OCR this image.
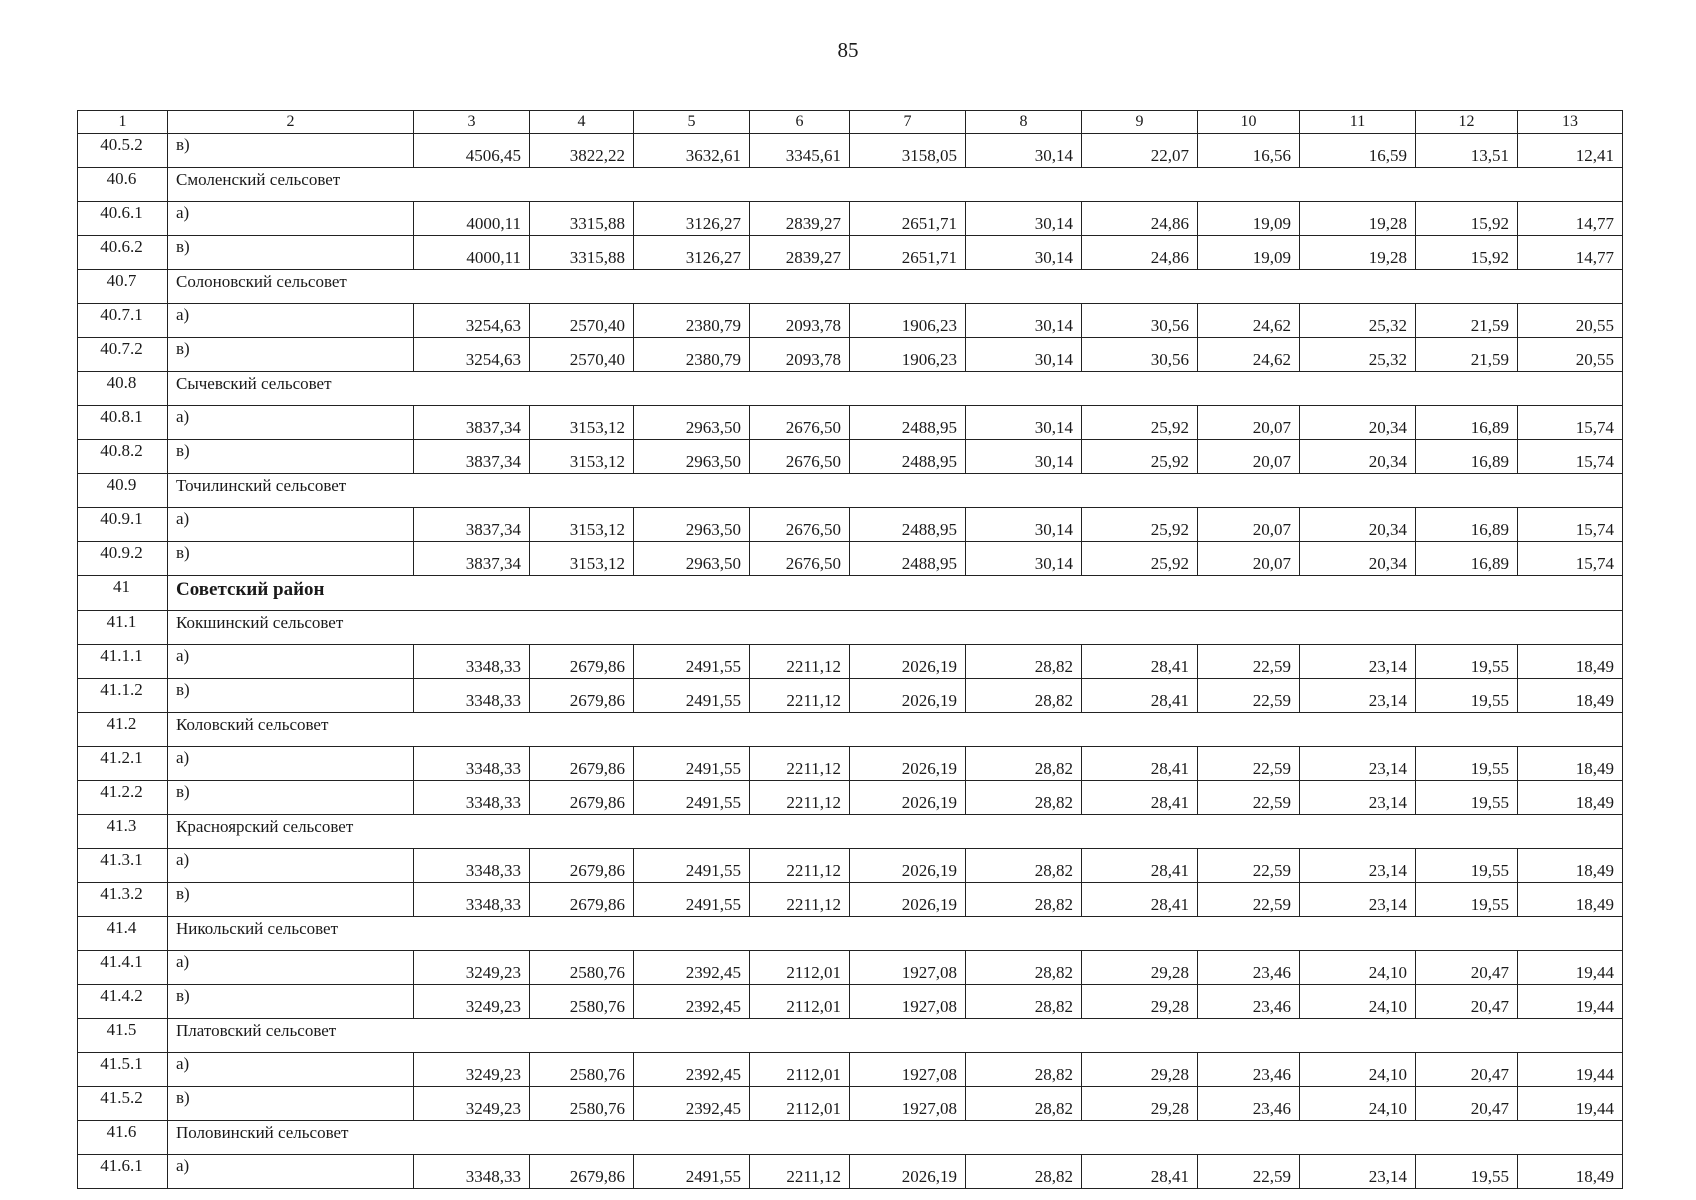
85
1	2	3	4	5	6	7	8	9	10	11	12	13
40.5.2	в)	4506,45	3822,22	3632,61	3345,61	3158,05	30,14	22,07	16,56	16,59	13,51	12,41
40.6	Смоленский сельсовет											
40.6.1	а)	4000,11	3315,88	3126,27	2839,27	2651,71	30,14	24,86	19,09	19,28	15,92	14,77
40.6.2	в)	4000,11	3315,88	3126,27	2839,27	2651,71	30,14	24,86	19,09	19,28	15,92	14,77
40.7	Солоновский сельсовет											
40.7.1	а)	3254,63	2570,40	2380,79	2093,78	1906,23	30,14	30,56	24,62	25,32	21,59	20,55
40.7.2	в)	3254,63	2570,40	2380,79	2093,78	1906,23	30,14	30,56	24,62	25,32	21,59	20,55
40.8	Сычевский сельсовет											
40.8.1	а)	3837,34	3153,12	2963,50	2676,50	2488,95	30,14	25,92	20,07	20,34	16,89	15,74
40.8.2	в)	3837,34	3153,12	2963,50	2676,50	2488,95	30,14	25,92	20,07	20,34	16,89	15,74
40.9	Точилинский сельсовет											
40.9.1	а)	3837,34	3153,12	2963,50	2676,50	2488,95	30,14	25,92	20,07	20,34	16,89	15,74
40.9.2	в)	3837,34	3153,12	2963,50	2676,50	2488,95	30,14	25,92	20,07	20,34	16,89	15,74
41	Советский район											
41.1	Кокшинский сельсовет											
41.1.1	а)	3348,33	2679,86	2491,55	2211,12	2026,19	28,82	28,41	22,59	23,14	19,55	18,49
41.1.2	в)	3348,33	2679,86	2491,55	2211,12	2026,19	28,82	28,41	22,59	23,14	19,55	18,49
41.2	Коловский сельсовет											
41.2.1	а)	3348,33	2679,86	2491,55	2211,12	2026,19	28,82	28,41	22,59	23,14	19,55	18,49
41.2.2	в)	3348,33	2679,86	2491,55	2211,12	2026,19	28,82	28,41	22,59	23,14	19,55	18,49
41.3	Красноярский сельсовет											
41.3.1	а)	3348,33	2679,86	2491,55	2211,12	2026,19	28,82	28,41	22,59	23,14	19,55	18,49
41.3.2	в)	3348,33	2679,86	2491,55	2211,12	2026,19	28,82	28,41	22,59	23,14	19,55	18,49
41.4	Никольский сельсовет											
41.4.1	а)	3249,23	2580,76	2392,45	2112,01	1927,08	28,82	29,28	23,46	24,10	20,47	19,44
41.4.2	в)	3249,23	2580,76	2392,45	2112,01	1927,08	28,82	29,28	23,46	24,10	20,47	19,44
41.5	Платовский сельсовет											
41.5.1	а)	3249,23	2580,76	2392,45	2112,01	1927,08	28,82	29,28	23,46	24,10	20,47	19,44
41.5.2	в)	3249,23	2580,76	2392,45	2112,01	1927,08	28,82	29,28	23,46	24,10	20,47	19,44
41.6	Половинский сельсовет											
41.6.1	а)	3348,33	2679,86	2491,55	2211,12	2026,19	28,82	28,41	22,59	23,14	19,55	18,49
